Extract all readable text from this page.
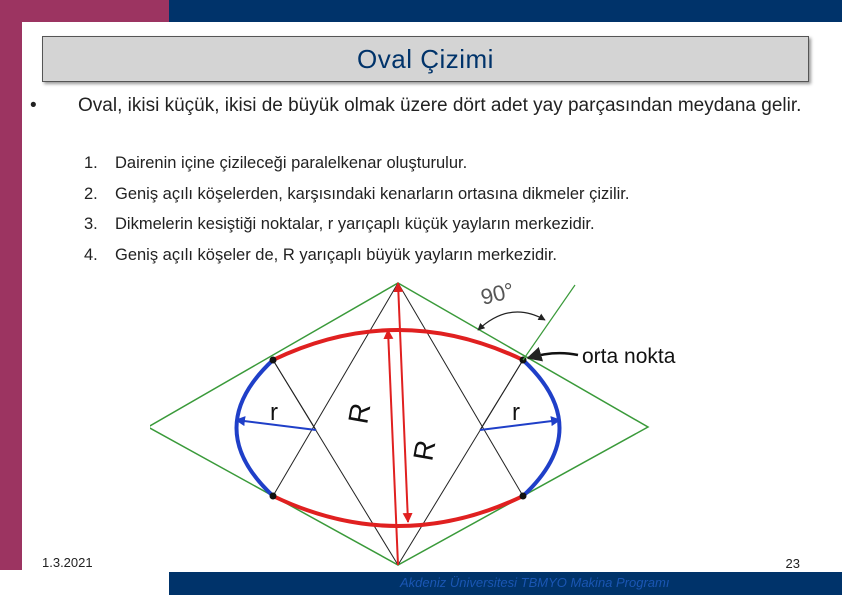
Oval Çizimi
•	Oval, ikisi küçük, ikisi de büyük olmak üzere dört adet yay parçasından meydana gelir.
1.	Dairenin içine çizileceği paralelkenar oluşturulur.
2.	Geniş açılı köşelerden, karşısındaki kenarların ortasına dikmeler çizilir.
3.	Dikmelerin kesiştiği noktalar, r yarıçaplı küçük yayların merkezidir.
4.	Geniş açılı köşeler de, R yarıçaplı büyük yayların merkezidir.
90°
orta nokta
r	r
R
R
1.3.2021	23
Akdeniz Üniversitesi TBMYO Makina Programı
